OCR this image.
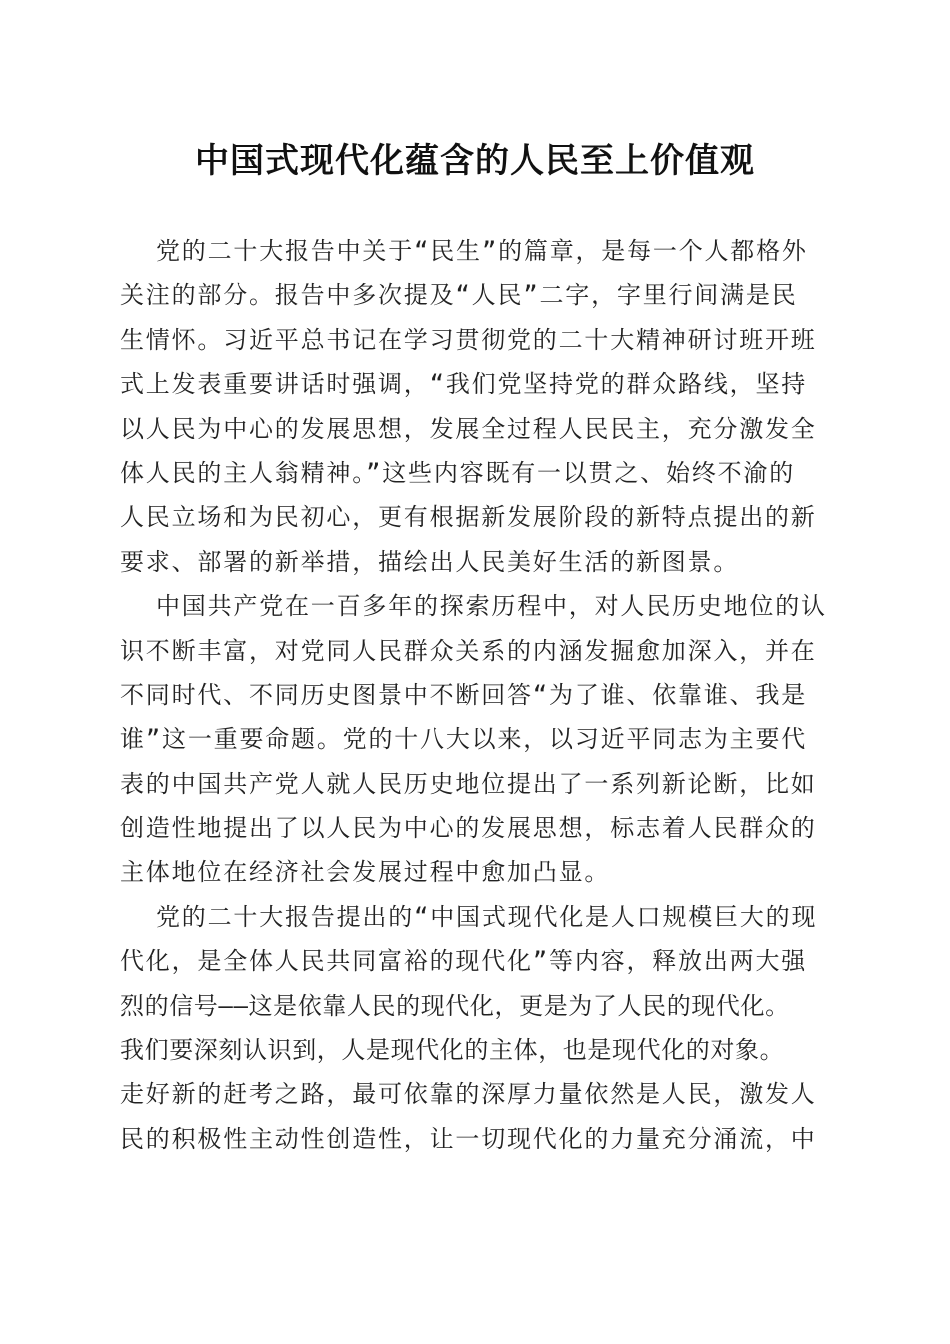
中国式现代化蕴含的人民至上价值观
党的二十大报告中关于“民生”的篇章，是每一个人都格外
关注的部分。报告中多次提及“人民”二字，字里行间满是民
生情怀。习近平总书记在学习贯彻党的二十大精神研讨班开班
式上发表重要讲话时强调，“我们党坚持党的群众路线，坚持
以人民为中心的发展思想，发展全过程人民民主，充分激发全
体人民的主人翁精神。”这些内容既有一以贯之、始终不渝的
人民立场和为民初心，更有根据新发展阶段的新特点提出的新
要求、部署的新举措，描绘出人民美好生活的新图景。
中国共产党在一百多年的探索历程中，对人民历史地位的认
识不断丰富，对党同人民群众关系的内涵发掘愈加深入，并在
不同时代、不同历史图景中不断回答“为了谁、依靠谁、我是
谁”这一重要命题。党的十八大以来，以习近平同志为主要代
表的中国共产党人就人民历史地位提出了一系列新论断，比如
创造性地提出了以人民为中心的发展思想，标志着人民群众的
主体地位在经济社会发展过程中愈加凸显。
党的二十大报告提出的“中国式现代化是人口规模巨大的现
代化，是全体人民共同富裕的现代化”等内容，释放出两大强
烈的信号——这是依靠人民的现代化，更是为了人民的现代化。
我们要深刻认识到，人是现代化的主体，也是现代化的对象。
走好新的赶考之路，最可依靠的深厚力量依然是人民，激发人
民的积极性主动性创造性，让一切现代化的力量充分涌流，中
